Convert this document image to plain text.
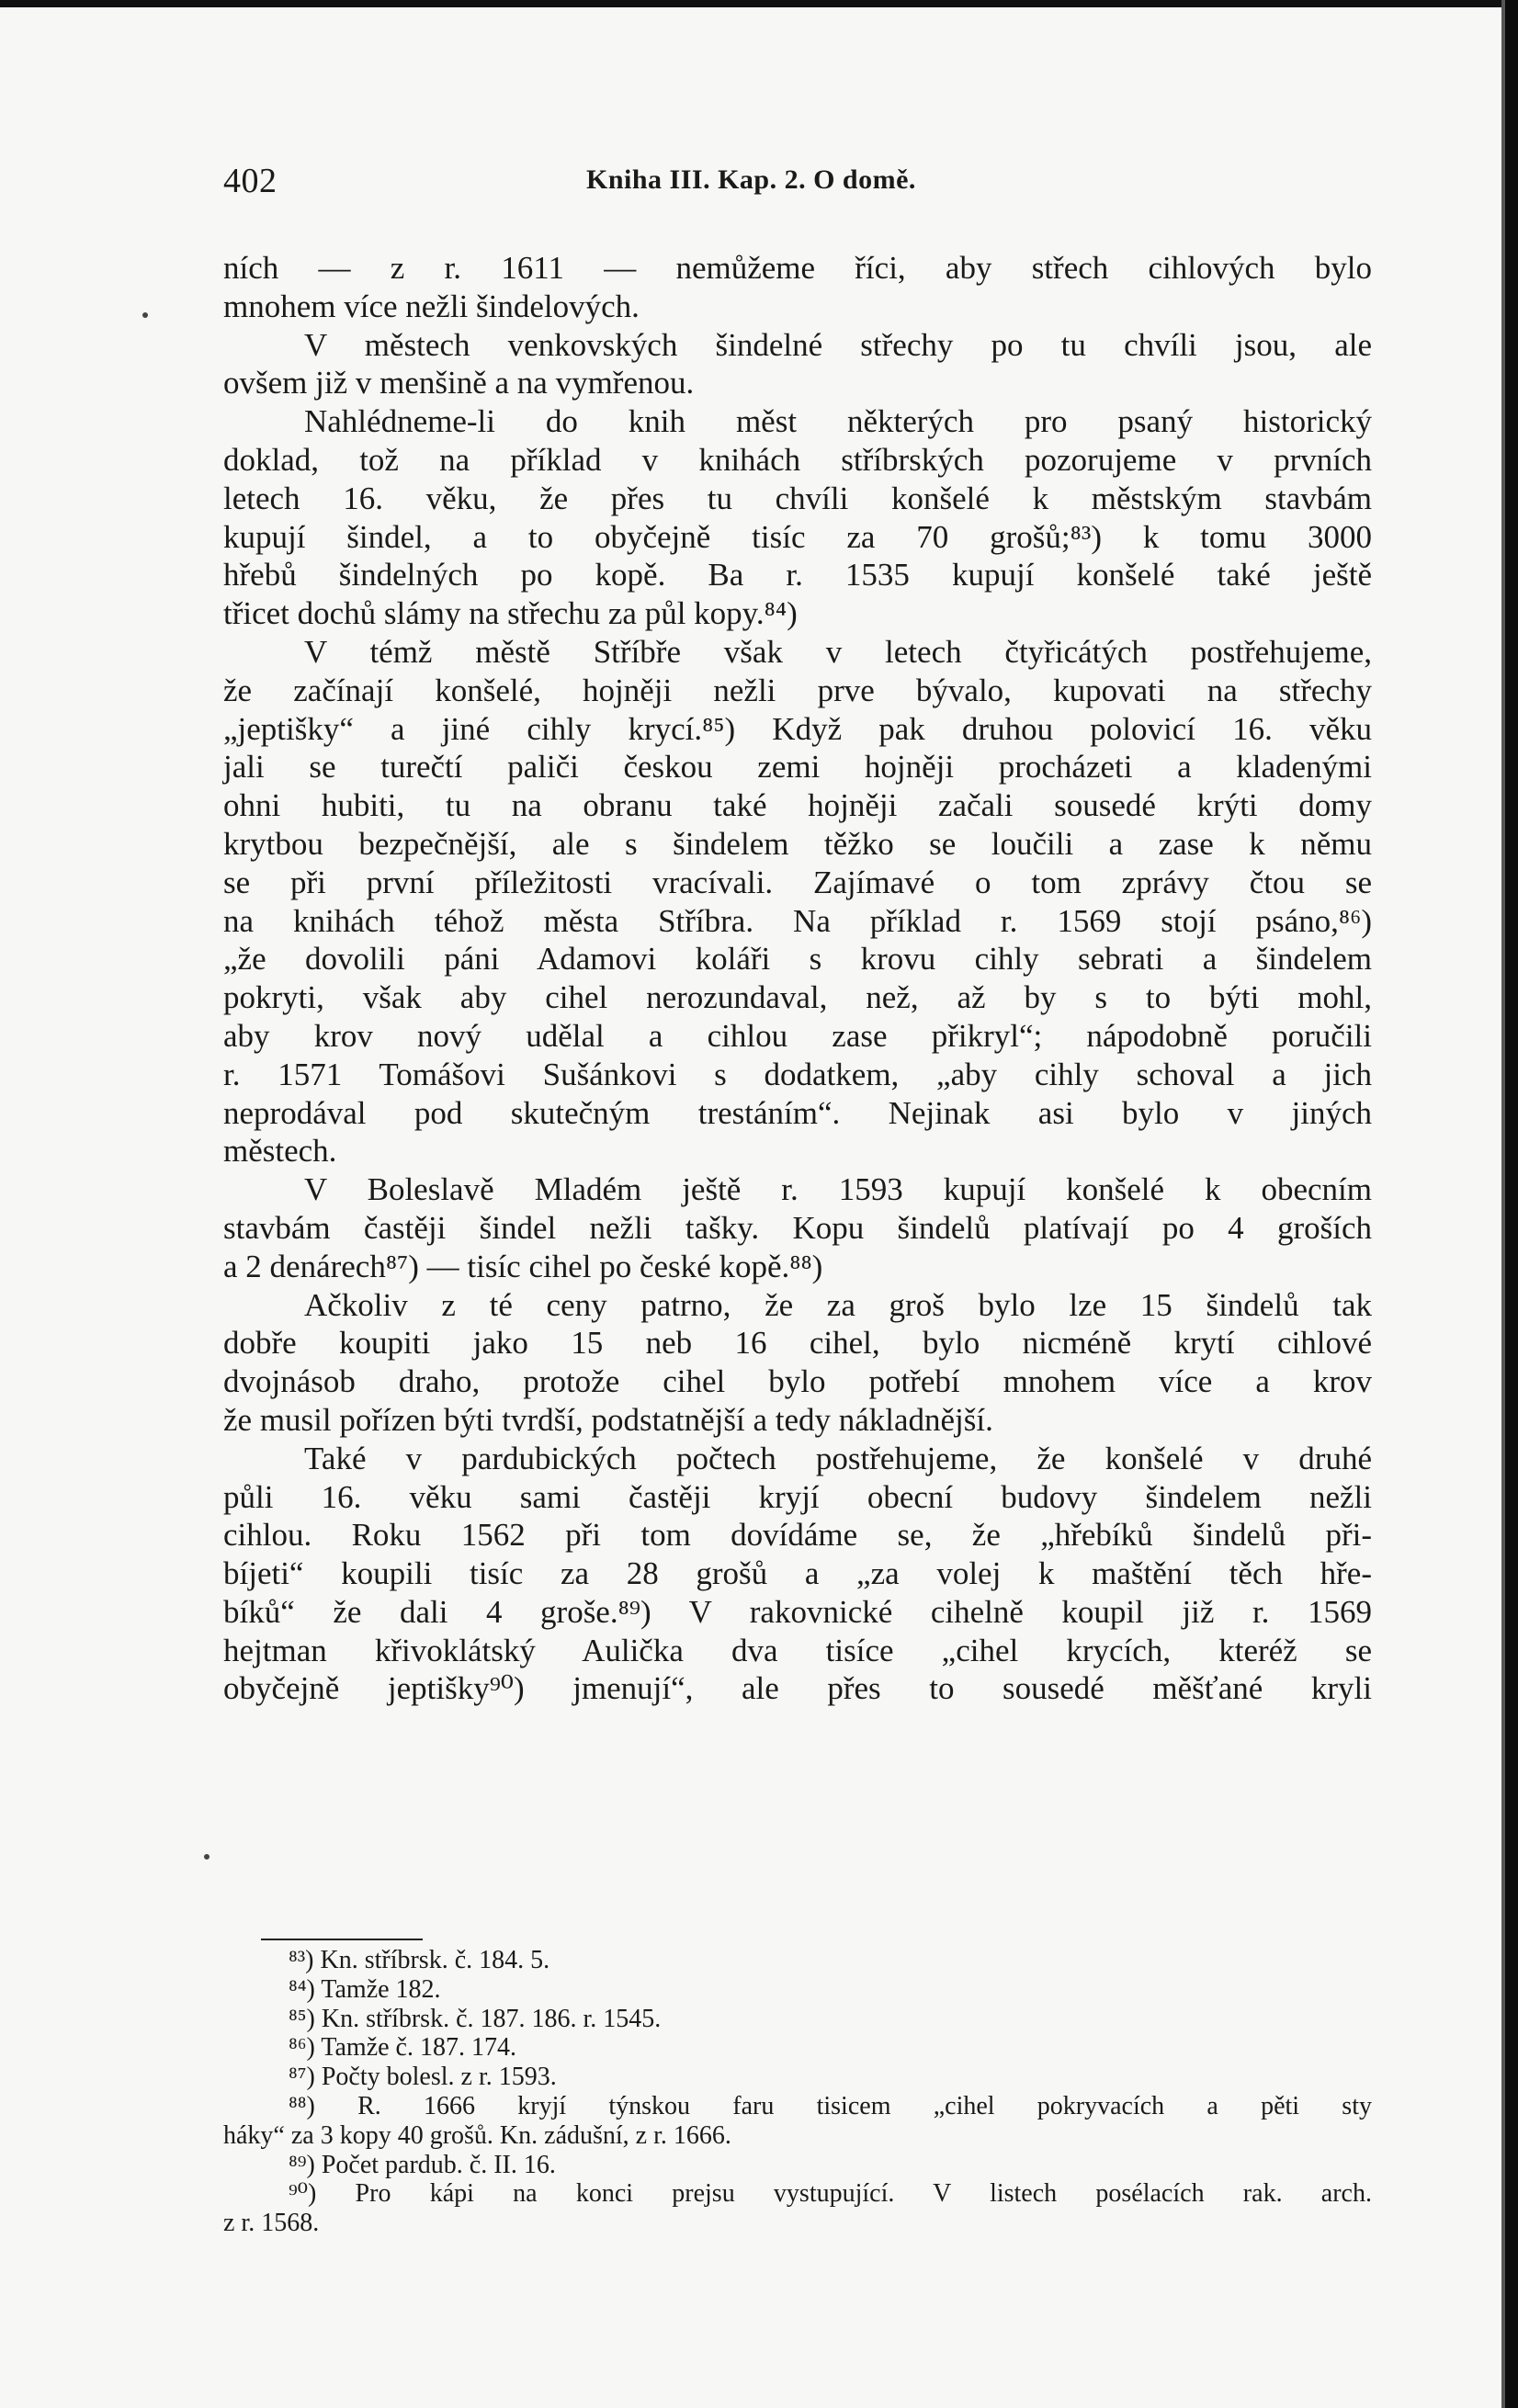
402	Kniha III. Kap. 2. O domě.
ních — z r. 1611 — nemůžeme říci, aby střech cihlových bylo
mnohem více nežli šindelových.
V městech venkovských šindelné střechy po tu chvíli jsou, ale
ovšem již v menšině a na vymřenou.
Nahlédneme-li do knih měst některých pro psaný historický
doklad, tož na příklad v knihách stříbrských pozorujeme v prvních
letech 16. věku, že přes tu chvíli konšelé k městským stavbám
kupují šindel, a to obyčejně tisíc za 70 grošů;⁸³) k tomu 3000
hřebů šindelných po kopě. Ba r. 1535 kupují konšelé také ještě
třicet dochů slámy na střechu za půl kopy.⁸⁴)
V témž městě Stříbře však v letech čtyřicátých postřehujeme,
že začínají konšelé, hojněji nežli prve bývalo, kupovati na střechy
„jeptišky“ a jiné cihly krycí.⁸⁵) Když pak druhou polovicí 16. věku
jali se turečtí paliči českou zemi hojněji procházeti a kladenými
ohni hubiti, tu na obranu také hojněji začali sousedé krýti domy
krytbou bezpečnější, ale s šindelem těžko se loučili a zase k němu
se při první příležitosti vracívali. Zajímavé o tom zprávy čtou se
na knihách téhož města Stříbra. Na příklad r. 1569 stojí psáno,⁸⁶)
„že dovolili páni Adamovi koláři s krovu cihly sebrati a šindelem
pokryti, však aby cihel nerozundaval, než, až by s to býti mohl,
aby krov nový udělal a cihlou zase přikryl“; nápodobně poručili
r. 1571 Tomášovi Sušánkovi s dodatkem, „aby cihly schoval a jich
neprodával pod skutečným trestáním“. Nejinak asi bylo v jiných
městech.
V Boleslavě Mladém ještě r. 1593 kupují konšelé k obecním
stavbám častěji šindel nežli tašky. Kopu šindelů platívají po 4 groších
a 2 denárech⁸⁷) — tisíc cihel po české kopě.⁸⁸)
Ačkoliv z té ceny patrno, že za groš bylo lze 15 šindelů tak
dobře koupiti jako 15 neb 16 cihel, bylo nicméně krytí cihlové
dvojnásob draho, protože cihel bylo potřebí mnohem více a krov
že musil pořízen býti tvrdší, podstatnější a tedy nákladnější.
Také v pardubických počtech postřehujeme, že konšelé v druhé
půli 16. věku sami častěji kryjí obecní budovy šindelem nežli
cihlou. Roku 1562 při tom dovídáme se, že „hřebíků šindelů při-
bíjeti“ koupili tisíc za 28 grošů a „za volej k maštění těch hře-
bíků“ že dali 4 groše.⁸⁹) V rakovnické cihelně koupil již r. 1569
hejtman křivoklátský Aulička dva tisíce „cihel krycích, kteréž se
obyčejně jeptišky⁹⁰) jmenují“, ale přes to sousedé měšťané kryli
⁸³) Kn. stříbrsk. č. 184. 5.
⁸⁴) Tamže 182.
⁸⁵) Kn. stříbrsk. č. 187. 186. r. 1545.
⁸⁶) Tamže č. 187. 174.
⁸⁷) Počty bolesl. z r. 1593.
⁸⁸) R. 1666 kryjí týnskou faru tisicem „cihel pokryvacích a pěti sty
háky“ za 3 kopy 40 grošů. Kn. zádušní, z r. 1666.
⁸⁹) Počet pardub. č. II. 16.
⁹⁰) Pro kápi na konci prejsu vystupující. V listech posélacích rak. arch.
z r. 1568.
